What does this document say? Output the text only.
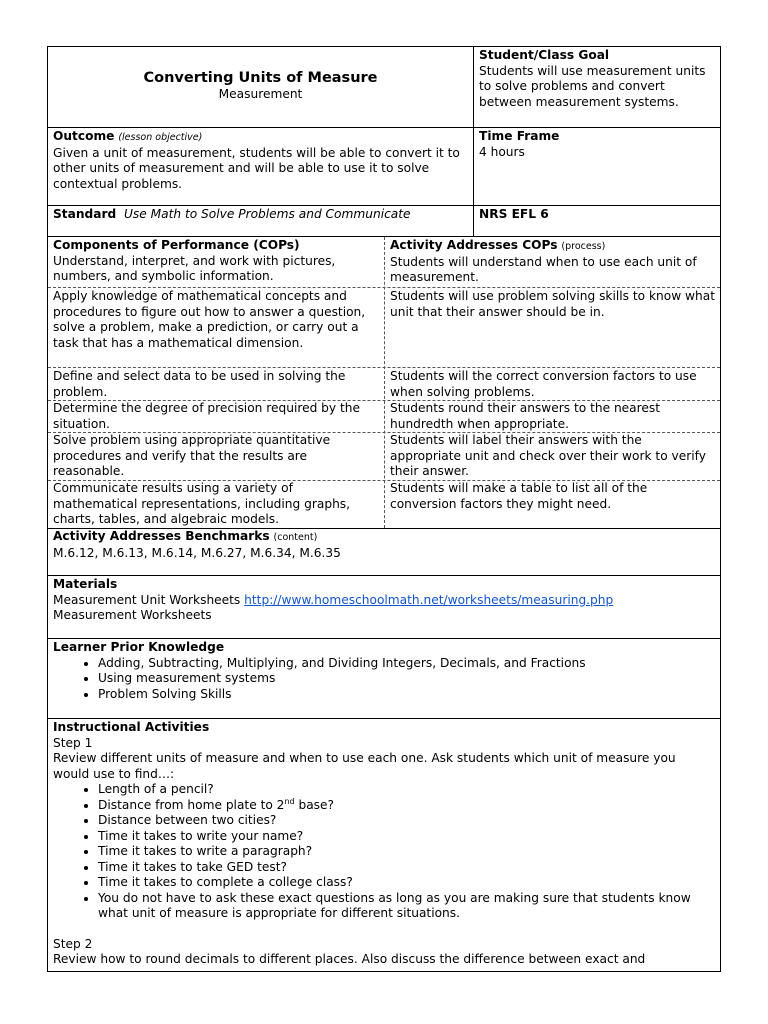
Converting Units of Measure
Measurement
Student/Class Goal
Students will use measurement units to solve problems and convert between measurement systems.
Outcome (lesson objective)
Given a unit of measurement, students will be able to convert it to other units of measurement and will be able to use it to solve contextual problems.
Time Frame
4 hours
Standard Use Math to Solve Problems and Communicate	NRS EFL 6
Components of Performance (COPs)
Understand, interpret, and work with pictures, numbers, and symbolic information.
Activity Addresses COPs (process)
Students will understand when to use each unit of measurement.
Apply knowledge of mathematical concepts and procedures to figure out how to answer a question, solve a problem, make a prediction, or carry out a task that has a mathematical dimension.
Students will use problem solving skills to know what unit that their answer should be in.
Define and select data to be used in solving the problem.
Students will the correct conversion factors to use when solving problems.
Determine the degree of precision required by the situation.
Students round their answers to the nearest hundredth when appropriate.
Solve problem using appropriate quantitative procedures and verify that the results are reasonable.
Students will label their answers with the appropriate unit and check over their work to verify their answer.
Communicate results using a variety of mathematical representations, including graphs, charts, tables, and algebraic models.
Students will make a table to list all of the conversion factors they might need.
Activity Addresses Benchmarks (content)
M.6.12, M.6.13, M.6.14, M.6.27, M.6.34, M.6.35
Materials
Measurement Unit Worksheets http://www.homeschoolmath.net/worksheets/measuring.php
Measurement Worksheets
Learner Prior Knowledge
• Adding, Subtracting, Multiplying, and Dividing Integers, Decimals, and Fractions
• Using measurement systems
• Problem Solving Skills
Instructional Activities
Step 1
Review different units of measure and when to use each one. Ask students which unit of measure you would use to find…:
• Length of a pencil?
• Distance from home plate to 2nd base?
• Distance between two cities?
• Time it takes to write your name?
• Time it takes to write a paragraph?
• Time it takes to take GED test?
• Time it takes to complete a college class?
• You do not have to ask these exact questions as long as you are making sure that students know what unit of measure is appropriate for different situations.
Step 2
Review how to round decimals to different places. Also discuss the difference between exact and
